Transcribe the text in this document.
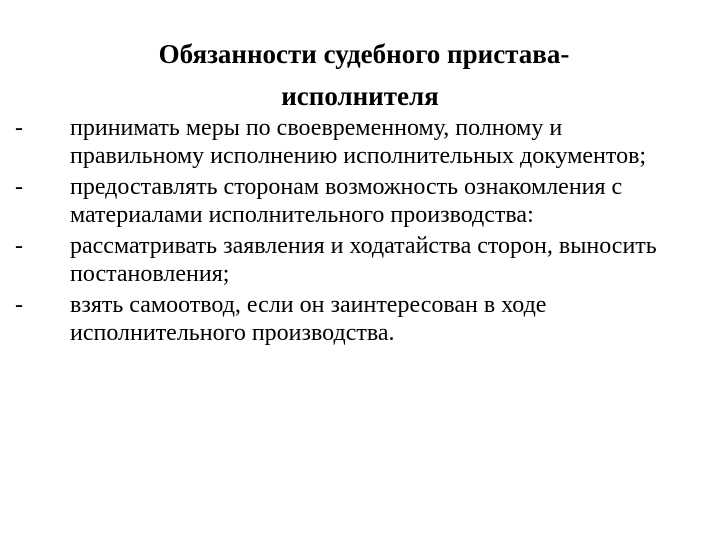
Обязанности судебного пристава-
исполнителя
- принимать меры по своевременному, полному и правильному исполнению исполнительных документов;
- предоставлять сторонам возможность ознакомления с материалами исполнительного производства:
- рассматривать заявления и ходатайства сторон, выносить постановления;
- взять самоотвод, если он заинтересован в ходе исполнительного производства.
